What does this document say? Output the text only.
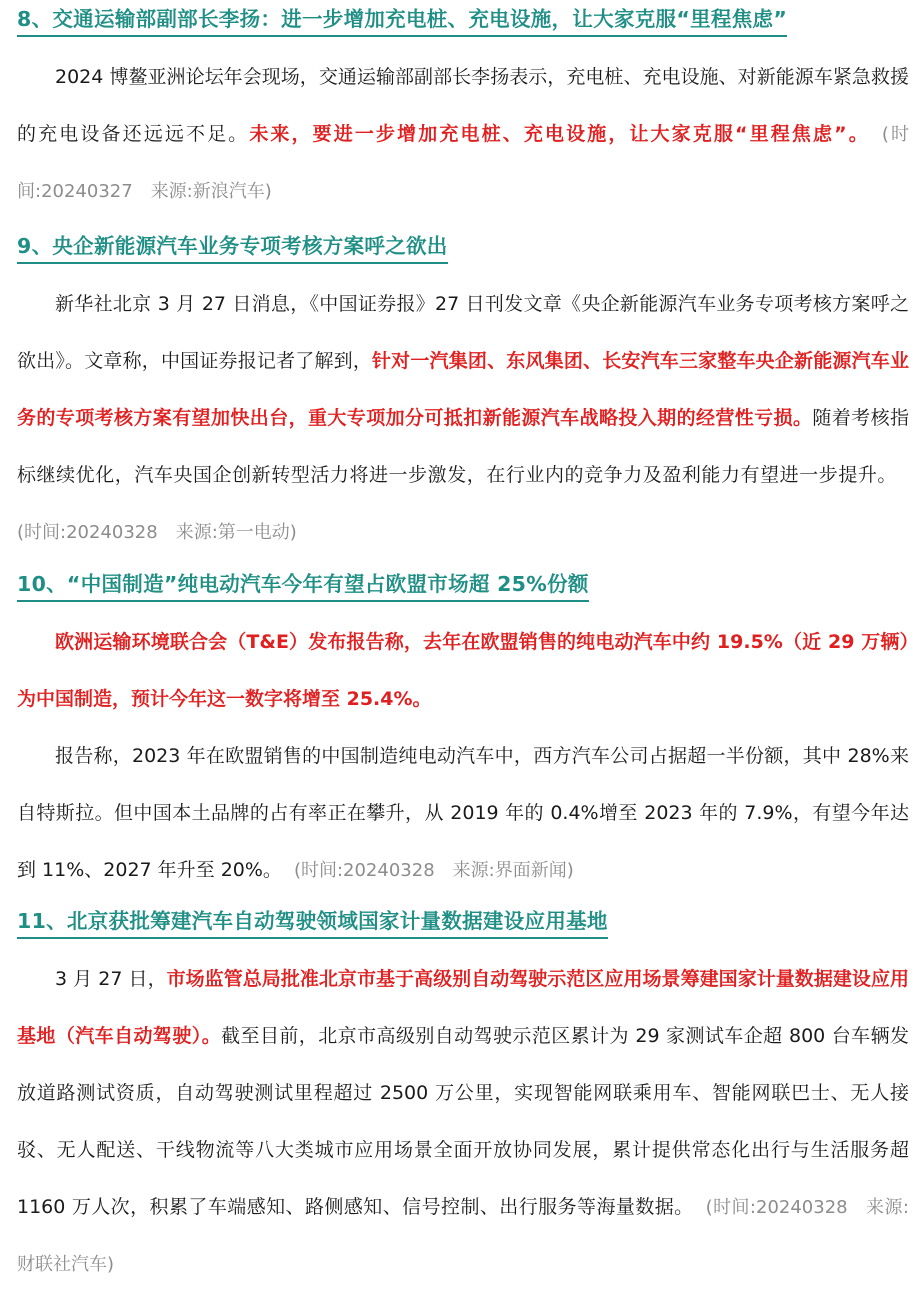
8、交通运输部副部长李扬：进一步增加充电桩、充电设施，让大家克服“里程焦虑”

2024 博鳌亚洲论坛年会现场，交通运输部副部长李扬表示，充电桩、充电设施、对新能源车紧急救援的充电设备还远远不足。未来，要进一步增加充电桩、充电设施，让大家克服“里程焦虑”。 (时间:20240327 来源:新浪汽车)

9、央企新能源汽车业务专项考核方案呼之欲出

新华社北京 3 月 27 日消息，《中国证券报》27 日刊发文章《央企新能源汽车业务专项考核方案呼之欲出》。文章称，中国证券报记者了解到，针对一汽集团、东风集团、长安汽车三家整车央企新能源汽车业务的专项考核方案有望加快出台，重大专项加分可抵扣新能源汽车战略投入期的经营性亏损。随着考核指标继续优化，汽车央国企创新转型活力将进一步激发，在行业内的竞争力及盈利能力有望进一步提升。(时间:20240328 来源:第一电动)

10、“中国制造”纯电动汽车今年有望占欧盟市场超 25%份额

欧洲运输环境联合会（T&E）发布报告称，去年在欧盟销售的纯电动汽车中约 19.5%（近 29 万辆）为中国制造，预计今年这一数字将增至 25.4%。

报告称，2023 年在欧盟销售的中国制造纯电动汽车中，西方汽车公司占据超一半份额，其中 28%来自特斯拉。但中国本土品牌的占有率正在攀升，从 2019 年的 0.4%增至 2023 年的 7.9%，有望今年达到 11%、2027 年升至 20%。 (时间:20240328 来源:界面新闻)

11、北京获批筹建汽车自动驾驶领域国家计量数据建设应用基地

3 月 27 日，市场监管总局批准北京市基于高级别自动驾驶示范区应用场景筹建国家计量数据建设应用基地（汽车自动驾驶）。截至目前，北京市高级别自动驾驶示范区累计为 29 家测试车企超 800 台车辆发放道路测试资质，自动驾驶测试里程超过 2500 万公里，实现智能网联乘用车、智能网联巴士、无人接驳、无人配送、干线物流等八大类城市应用场景全面开放协同发展，累计提供常态化出行与生活服务超 1160 万人次，积累了车端感知、路侧感知、信号控制、出行服务等海量数据。 (时间:20240328 来源:财联社汽车)
